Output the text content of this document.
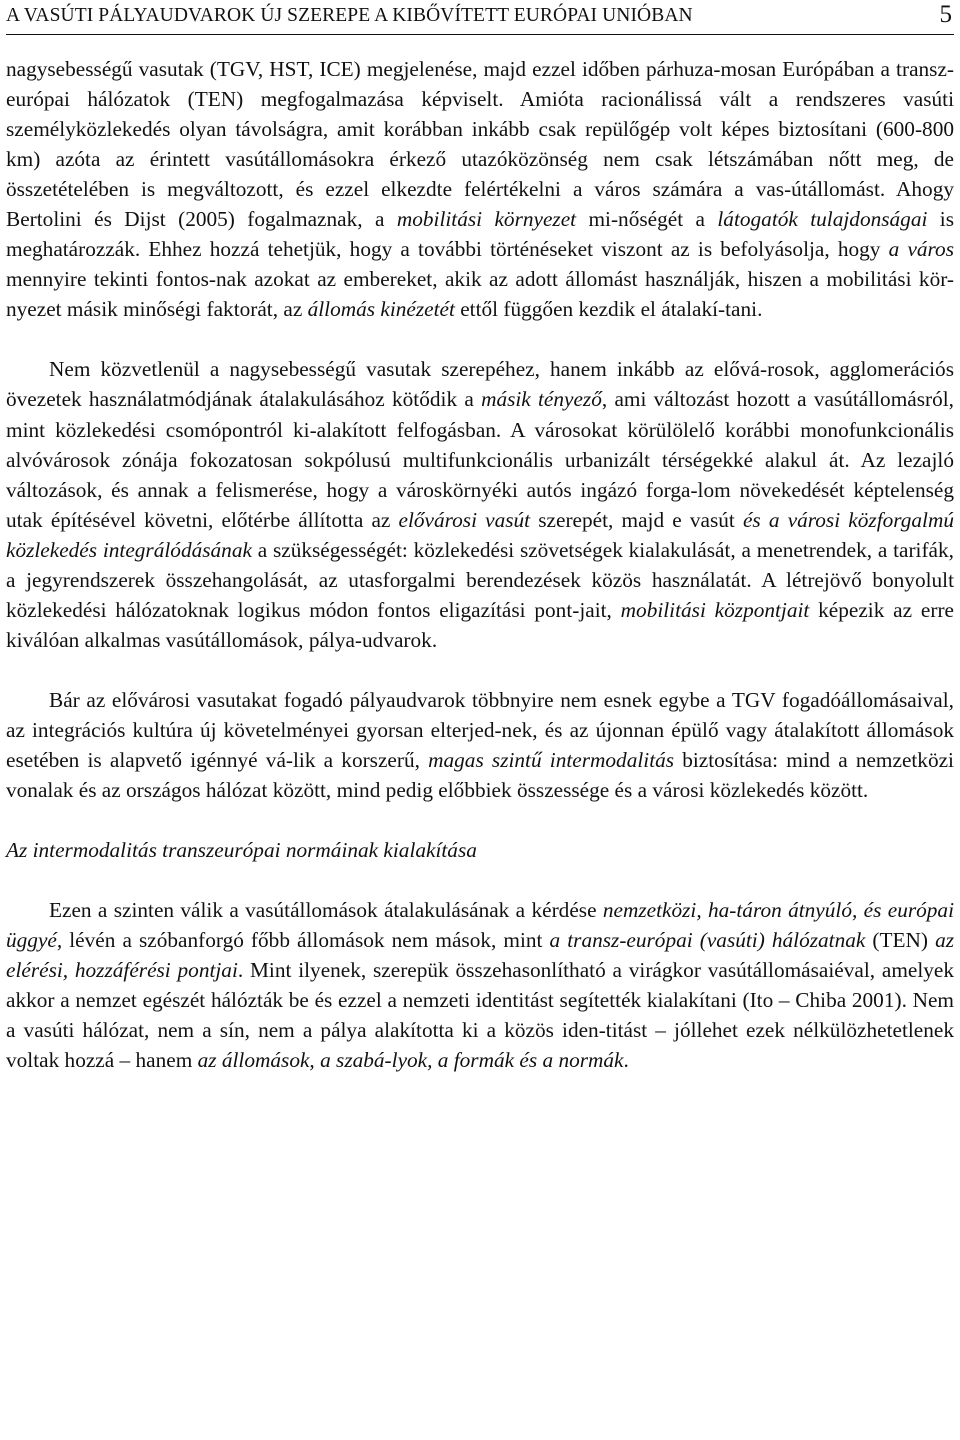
A VASÚTI PÁLYAUDVAROK ÚJ SZEREPE A KIBŐVÍTETT EURÓPAI UNIÓBAN	5

nagysebességű vasutak (TGV, HST, ICE) megjelenése, majd ezzel időben párhuza-mosan Európában a transz-európai hálózatok (TEN) megfogalmazása képviselt. Amióta racionálissá vált a rendszeres vasúti személyközlekedés olyan távolságra, amit korábban inkább csak repülőgép volt képes biztosítani (600-800 km) azóta az érintett vasútállomásokra érkező utazóközönség nem csak létszámában nőtt meg, de összetételében is megváltozott, és ezzel elkezdte felértékelni a város számára a vas-útállomást. Ahogy Bertolini és Dijst (2005) fogalmaznak, a mobilitási környezet mi-nőségét a látogatók tulajdonságai is meghatározzák. Ehhez hozzá tehetjük, hogy a további történéseket viszont az is befolyásolja, hogy a város mennyire tekinti fontos-nak azokat az embereket, akik az adott állomást használják, hiszen a mobilitási kör-nyezet másik minőségi faktorát, az állomás kinézetét ettől függően kezdik el átalakí-tani.

Nem közvetlenül a nagysebességű vasutak szerepéhez, hanem inkább az elővá-rosok, agglomerációs övezetek használatmódjának átalakulásához kötődik a másik tényező, ami változást hozott a vasútállomásról, mint közlekedési csomópontról ki-alakított felfogásban. A városokat körülölelő korábbi monofunkcionális alvóvárosok zónája fokozatosan sokpólusú multifunkcionális urbanizált térségekké alakul át. Az lezajló változások, és annak a felismerése, hogy a városkörnyéki autós ingázó forga-lom növekedését képtelenség utak építésével követni, előtérbe állította az elővárosi vasút szerepét, majd e vasút és a városi közforgalmú közlekedés integrálódásának a szükségességét: közlekedési szövetségek kialakulását, a menetrendek, a tarifák, a jegyrendszerek összehangolását, az utasforgalmi berendezések közös használatát. A létrejövő bonyolult közlekedési hálózatoknak logikus módon fontos eligazítási pont-jait, mobilitási központjait képezik az erre kiválóan alkalmas vasútállomások, pálya-udvarok.

Bár az elővárosi vasutakat fogadó pályaudvarok többnyire nem esnek egybe a TGV fogadóállomásaival, az integrációs kultúra új követelményei gyorsan elterjed-nek, és az újonnan épülő vagy átalakított állomások esetében is alapvető igénnyé vá-lik a korszerű, magas szintű intermodalitás biztosítása: mind a nemzetközi vonalak és az országos hálózat között, mind pedig előbbiek összessége és a városi közlekedés között.

Az intermodalitás transzeurópai normáinak kialakítása

Ezen a szinten válik a vasútállomások átalakulásának a kérdése nemzetközi, ha-táron átnyúló, és európai üggyé, lévén a szóbanforgó főbb állomások nem mások, mint a transz-európai (vasúti) hálózatnak (TEN) az elérési, hozzáférési pontjai. Mint ilyenek, szerepük összehasonlítható a virágkor vasútállomásaiéval, amelyek akkor a nemzet egészét hálózták be és ezzel a nemzeti identitást segítették kialakítani (Ito – Chiba 2001). Nem a vasúti hálózat, nem a sín, nem a pálya alakította ki a közös iden-titást – jóllehet ezek nélkülözhetetlenek voltak hozzá – hanem az állomások, a szabá-lyok, a formák és a normák.
